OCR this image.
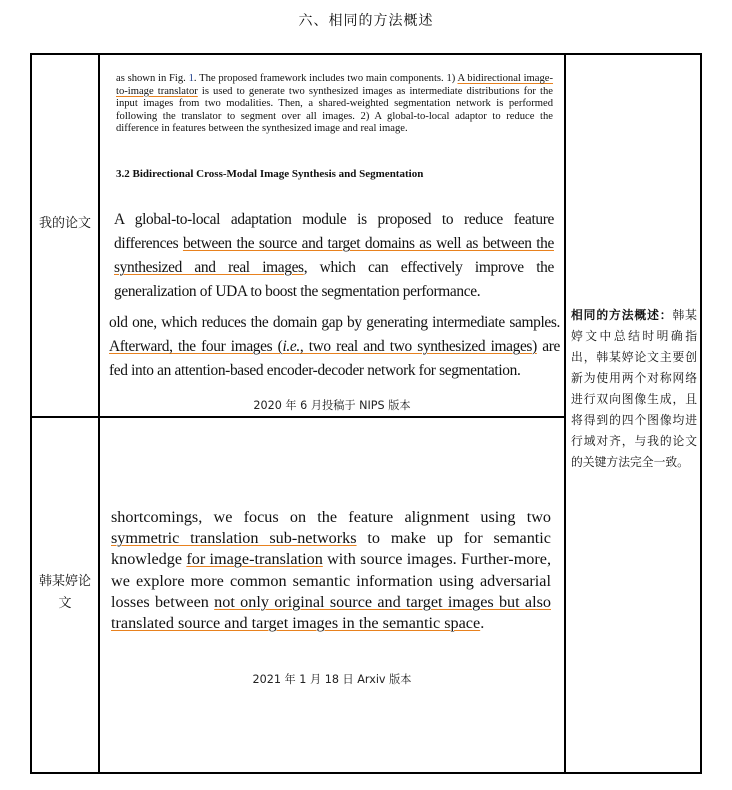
六、相同的方法概述
我的论文
as shown in Fig. 1. The proposed framework includes two main components. 1) A bidirectional image-to-image translator is used to generate two synthesized images as intermediate distributions for the input images from two modalities. Then, a shared-weighted segmentation network is performed following the translator to segment over all images. 2) A global-to-local adaptor to reduce the difference in features between the synthesized image and real image.
3.2 Bidirectional Cross-Modal Image Synthesis and Segmentation
A global-to-local adaptation module is proposed to reduce feature differences between the source and target domains as well as between the synthesized and real images, which can effectively improve the generalization of UDA to boost the segmentation performance.
old one, which reduces the domain gap by generating intermediate samples. Afterward, the four images (i.e., two real and two synthesized images) are fed into an attention-based encoder-decoder network for segmentation.
2020 年 6 月投稿于 NIPS 版本
韩某婷论文
shortcomings, we focus on the feature alignment using two symmetric translation sub-networks to make up for semantic knowledge for image-translation with source images. Further-more, we explore more common semantic information using adversarial losses between not only original source and target images but also translated source and target images in the semantic space.
2021 年 1 月 18 日 Arxiv 版本
相同的方法概述：韩某婷文中总结时明确指出，韩某婷论文主要创新为使用两个对称网络进行双向图像生成，且将得到的四个图像均进行域对齐，与我的论文的关键方法完全一致。
